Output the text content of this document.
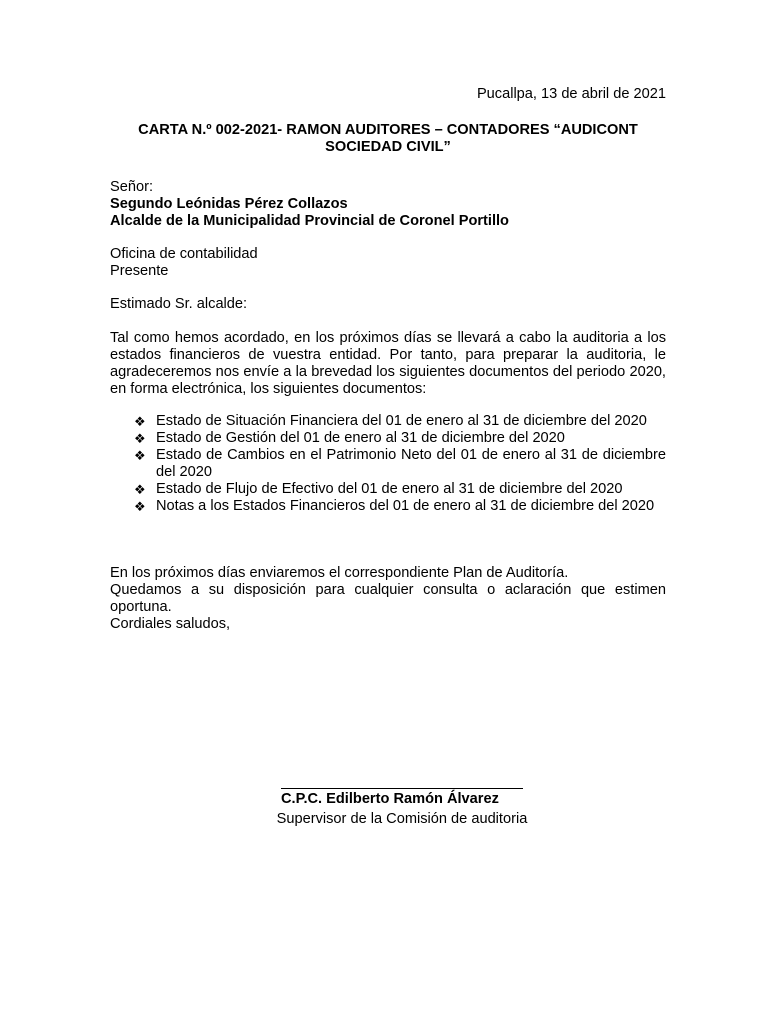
Pucallpa, 13 de abril de 2021
CARTA N.º 002-2021- RAMON AUDITORES – CONTADORES “AUDICONT
SOCIEDAD CIVIL”
Señor:
Segundo Leónidas Pérez Collazos
Alcalde de la Municipalidad Provincial de Coronel Portillo
Oficina de contabilidad
Presente
Estimado Sr. alcalde:
Tal como hemos acordado, en los próximos días se llevará a cabo la auditoria a los estados financieros de vuestra entidad. Por tanto, para preparar la auditoria, le agradeceremos nos envíe a la brevedad los siguientes documentos del periodo 2020, en forma electrónica, los siguientes documentos:
❖ Estado de Situación Financiera del 01 de enero al 31 de diciembre del 2020
❖ Estado de Gestión del 01 de enero al 31 de diciembre del 2020
❖ Estado de Cambios en el Patrimonio Neto del 01 de enero al 31 de diciembre del 2020
❖ Estado de Flujo de Efectivo del 01 de enero al 31 de diciembre del 2020
❖ Notas a los Estados Financieros del 01 de enero al 31 de diciembre del 2020
En los próximos días enviaremos el correspondiente Plan de Auditoría.
Quedamos a su disposición para cualquier consulta o aclaración que estimen oportuna.
Cordiales saludos,
C.P.C. Edilberto Ramón Álvarez
Supervisor de la Comisión de auditoria
